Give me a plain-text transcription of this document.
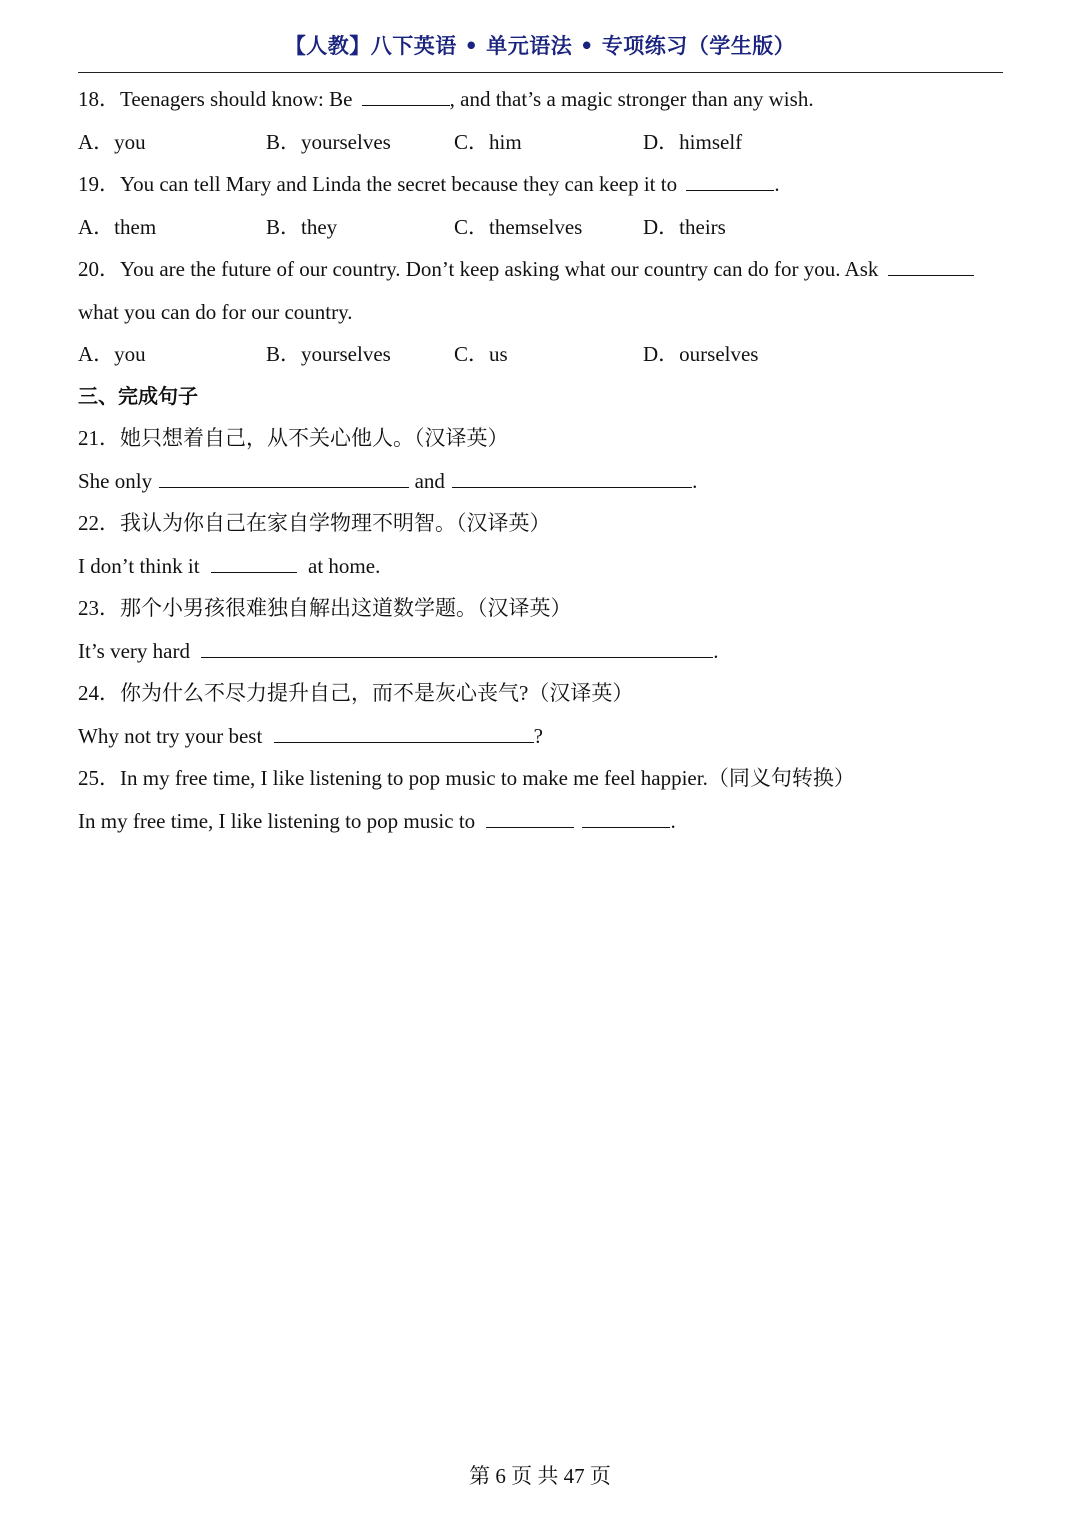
【人教】八下英语 • 单元语法 • 专项练习（学生版）
18．Teenagers should know: Be	, and that’s a magic stronger than any wish.
A．you	B．yourselves	C．him	D．himself
19．You can tell Mary and Linda the secret because they can keep it to	.
A．them	B．they	C．themselves	D．theirs
20．You are the future of our country. Don’t keep asking what our country can do for you. Ask
what you can do for our country.
A．you	B．yourselves	C．us	D．ourselves
三、完成句子
21．她只想着自己，从不关心他人。（汉译英）
She only	and	.
22．我认为你自己在家自学物理不明智。（汉译英）
I don’t think it	at home.
23．那个小男孩很难独自解出这道数学题。（汉译英）
It’s very hard	.
24．你为什么不尽力提升自己，而不是灰心丧气?（汉译英）
Why not try your best	?
25．In my free time, I like listening to pop music to make me feel happier.（同义句转换）
In my free time, I like listening to pop music to	.
第 6 页 共 47 页
